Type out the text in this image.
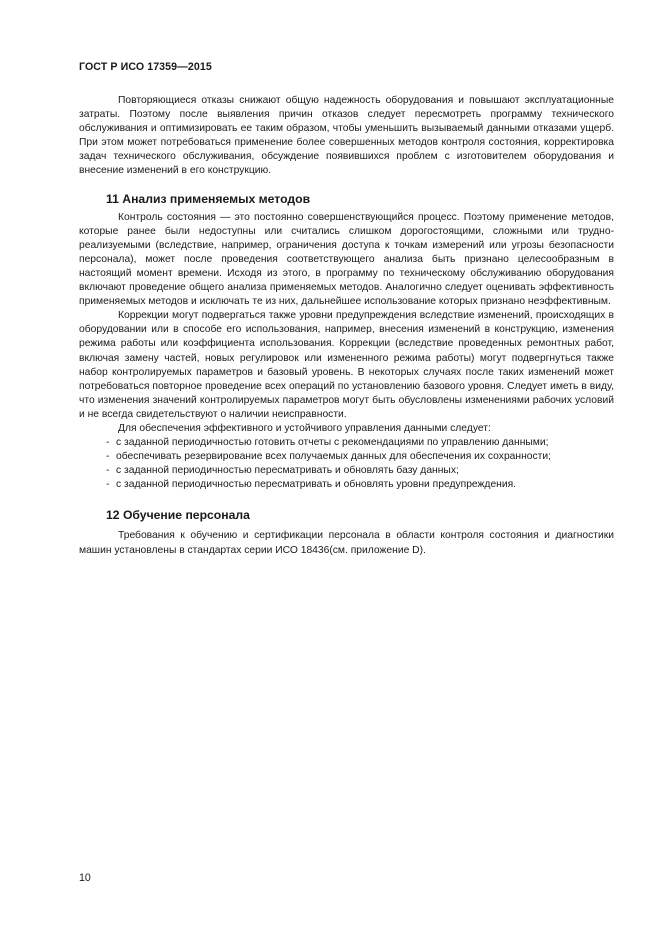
ГОСТ Р ИСО 17359—2015

Повторяющиеся отказы снижают общую надежность оборудования и повышают эксплуатационные затраты. Поэтому после выявления причин отказов следует пересмотреть программу технического обслуживания и оптимизировать ее таким образом, чтобы уменьшить вызываемый данными отказами ущерб. При этом может потребоваться применение более совершенных методов контроля состояния, корректировка задач технического обслуживания, обсуждение появившихся проблем с изготовителем оборудования и внесение изменений в его конструкцию.

11 Анализ применяемых методов

Контроль состояния — это постоянно совершенствующийся процесс. Поэтому применение методов, которые ранее были недоступны или считались слишком дорогостоящими, сложными или трудно-реализуемыми (вследствие, например, ограничения доступа к точкам измерений или угрозы безопасности персонала), может после проведения соответствующего анализа быть признано целесообразным в настоящий момент времени. Исходя из этого, в программу по техническому обслуживанию оборудования включают проведение общего анализа применяемых методов. Аналогично следует оценивать эффективность применяемых методов и исключать те из них, дальнейшее использование которых признано неэффективным.

Коррекции могут подвергаться также уровни предупреждения вследствие изменений, происходящих в оборудовании или в способе его использования, например, внесения изменений в конструкцию, изменения режима работы или коэффициента использования. Коррекции (вследствие проведенных ремонтных работ, включая замену частей, новых регулировок или измененного режима работы) могут подвергнуться также набор контролируемых параметров и базовый уровень. В некоторых случаях после таких изменений может потребоваться повторное проведение всех операций по установлению базового уровня. Следует иметь в виду, что изменения значений контролируемых параметров могут быть обусловлены изменениями рабочих условий и не всегда свидетельствуют о наличии неисправности.

Для обеспечения эффективного и устойчивого управления данными следует:

- с заданной периодичностью готовить отчеты с рекомендациями по управлению данными;
- обеспечивать резервирование всех получаемых данных для обеспечения их сохранности;
- с заданной периодичностью пересматривать и обновлять базу данных;
- с заданной периодичностью пересматривать и обновлять уровни предупреждения.
12 Обучение персонала

Требования к обучению и сертификации персонала в области контроля состояния и диагностики машин установлены в стандартах серии ИСО 18436(см. приложение D).

10
